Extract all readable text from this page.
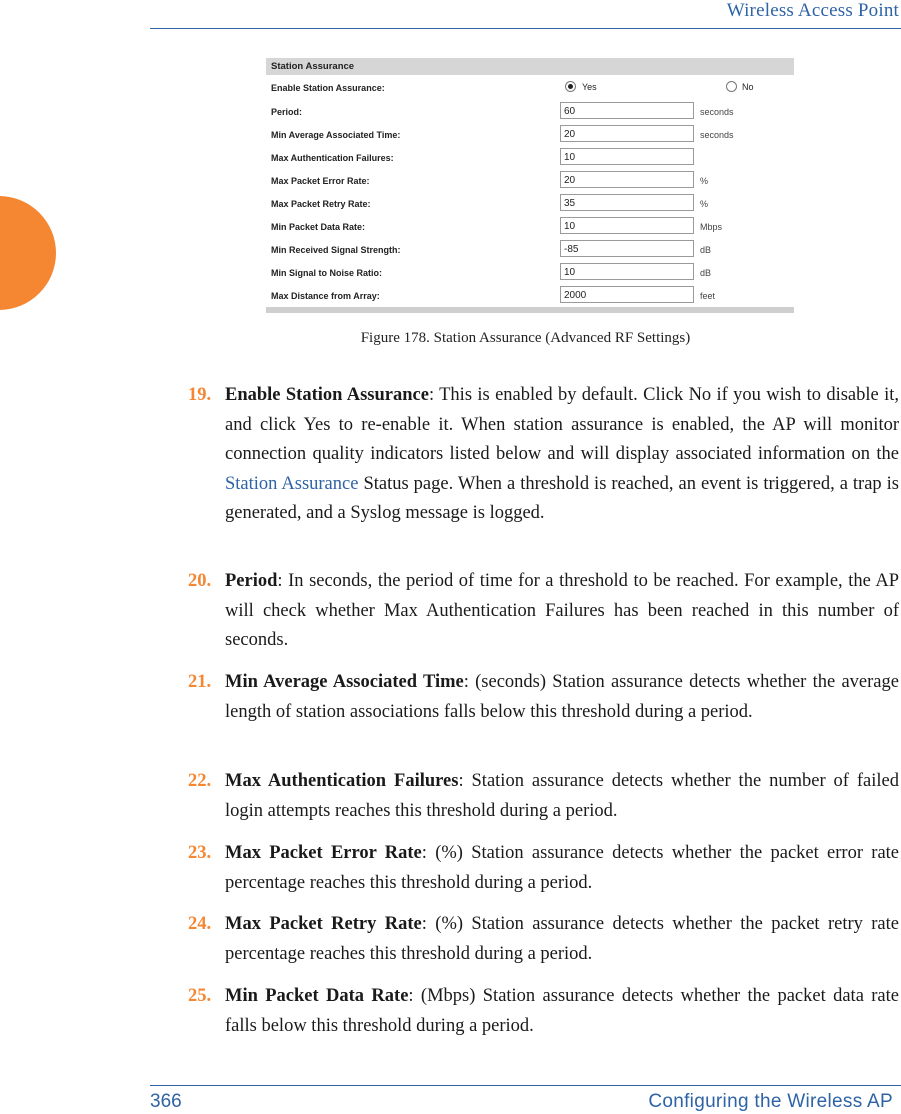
Wireless Access Point
Station Assurance
Enable Station Assurance:	Yes	No
Period:	60	seconds
Min Average Associated Time:	20	seconds
Max Authentication Failures:	10
Max Packet Error Rate:	20	%
Max Packet Retry Rate:	35	%
Min Packet Data Rate:	10	Mbps
Min Received Signal Strength:	-85	dB
Min Signal to Noise Ratio:	10	dB
Max Distance from Array:	2000	feet
Figure 178. Station Assurance (Advanced RF Settings)
19. Enable Station Assurance: This is enabled by default. Click No if you wish to disable it, and click Yes to re-enable it. When station assurance is enabled, the AP will monitor connection quality indicators listed below and will display associated information on the Station Assurance Status page. When a threshold is reached, an event is triggered, a trap is generated, and a Syslog message is logged.
20. Period: In seconds, the period of time for a threshold to be reached. For example, the AP will check whether Max Authentication Failures has been reached in this number of seconds.
21. Min Average Associated Time: (seconds) Station assurance detects whether the average length of station associations falls below this threshold during a period.
22. Max Authentication Failures: Station assurance detects whether the number of failed login attempts reaches this threshold during a period.
23. Max Packet Error Rate: (%) Station assurance detects whether the packet error rate percentage reaches this threshold during a period.
24. Max Packet Retry Rate: (%) Station assurance detects whether the packet retry rate percentage reaches this threshold during a period.
25. Min Packet Data Rate: (Mbps) Station assurance detects whether the packet data rate falls below this threshold during a period.
366	Configuring the Wireless AP
